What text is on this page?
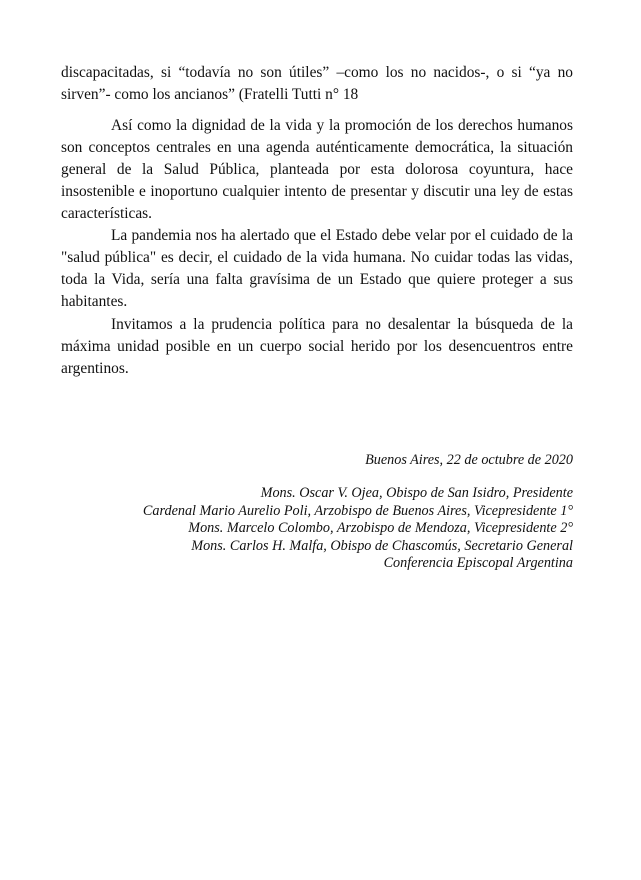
discapacitadas, si “todavía no son útiles” –como los no nacidos-, o si “ya no sirven”- como los ancianos” (Fratelli Tutti n° 18

Así como la dignidad de la vida y la promoción de los derechos humanos son conceptos centrales en una agenda auténticamente democrática, la situación general de la Salud Pública, planteada por esta dolorosa coyuntura, hace insostenible e inoportuno cualquier intento de presentar y discutir una ley de estas características.

La pandemia nos ha alertado que el Estado debe velar por el cuidado de la "salud pública" es decir, el cuidado de la vida humana. No cuidar todas las vidas, toda la Vida, sería una falta gravísima de un Estado que quiere proteger a sus habitantes.

Invitamos a la prudencia política para no desalentar la búsqueda de la máxima unidad posible en un cuerpo social herido por los desencuentros entre argentinos.

Buenos Aires, 22 de octubre de 2020

Mons. Oscar V. Ojea, Obispo de San Isidro, Presidente
Cardenal Mario Aurelio Poli, Arzobispo de Buenos Aires, Vicepresidente 1°
Mons. Marcelo Colombo, Arzobispo de Mendoza, Vicepresidente 2°
Mons. Carlos H. Malfa, Obispo de Chascomús, Secretario General
Conferencia Episcopal Argentina
